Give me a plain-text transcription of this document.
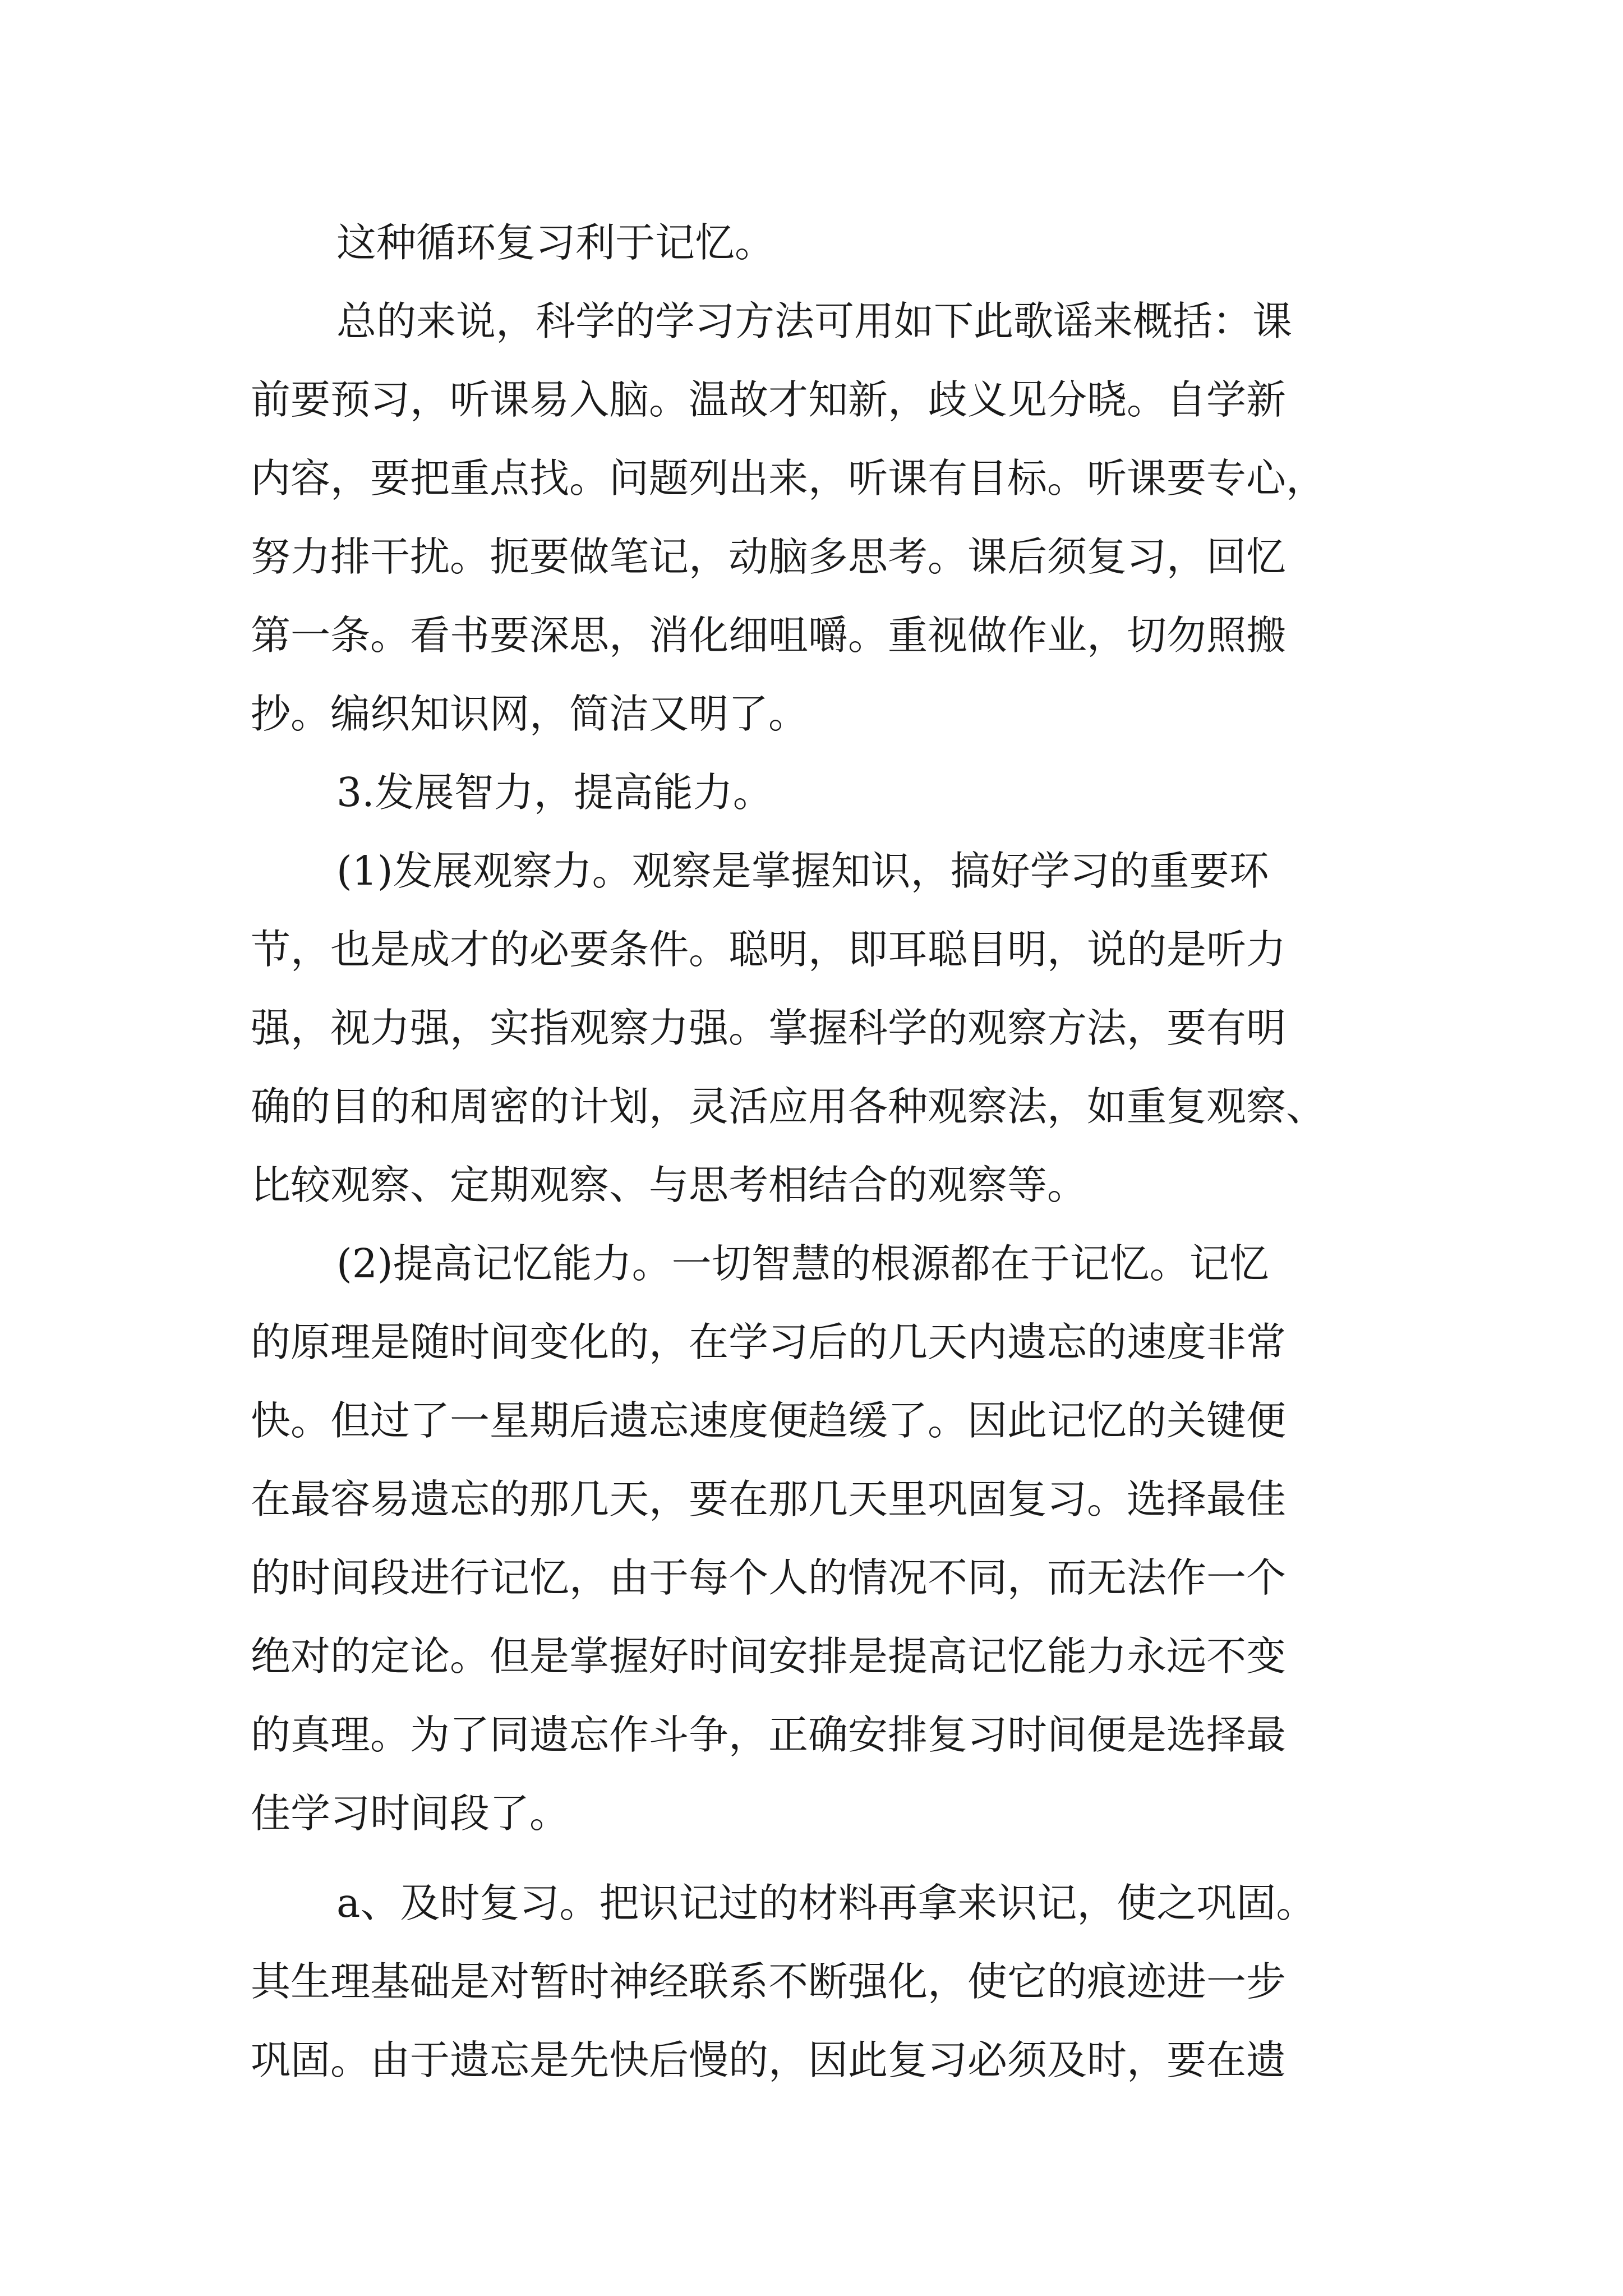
这种循环复习利于记忆。
总的来说，科学的学习方法可用如下此歌谣来概括：课
前要预习，听课易入脑。温故才知新，歧义见分晓。自学新
内容，要把重点找。问题列出来，听课有目标。听课要专心，
努力排干扰。扼要做笔记，动脑多思考。课后须复习，回忆
第一条。看书要深思，消化细咀嚼。重视做作业，切勿照搬
抄。编织知识网，简洁又明了。
3.发展智力，提高能力。
(1)发展观察力。观察是掌握知识，搞好学习的重要环
节，也是成才的必要条件。聪明，即耳聪目明，说的是听力
强，视力强，实指观察力强。掌握科学的观察方法，要有明
确的目的和周密的计划，灵活应用各种观察法，如重复观察、
比较观察、定期观察、与思考相结合的观察等。
(2)提高记忆能力。一切智慧的根源都在于记忆。记忆
的原理是随时间变化的，在学习后的几天内遗忘的速度非常
快。但过了一星期后遗忘速度便趋缓了。因此记忆的关键便
在最容易遗忘的那几天，要在那几天里巩固复习。选择最佳
的时间段进行记忆，由于每个人的情况不同，而无法作一个
绝对的定论。但是掌握好时间安排是提高记忆能力永远不变
的真理。为了同遗忘作斗争，正确安排复习时间便是选择最
佳学习时间段了。
a、及时复习。把识记过的材料再拿来识记，使之巩固。
其生理基础是对暂时神经联系不断强化，使它的痕迹进一步
巩固。由于遗忘是先快后慢的，因此复习必须及时，要在遗
